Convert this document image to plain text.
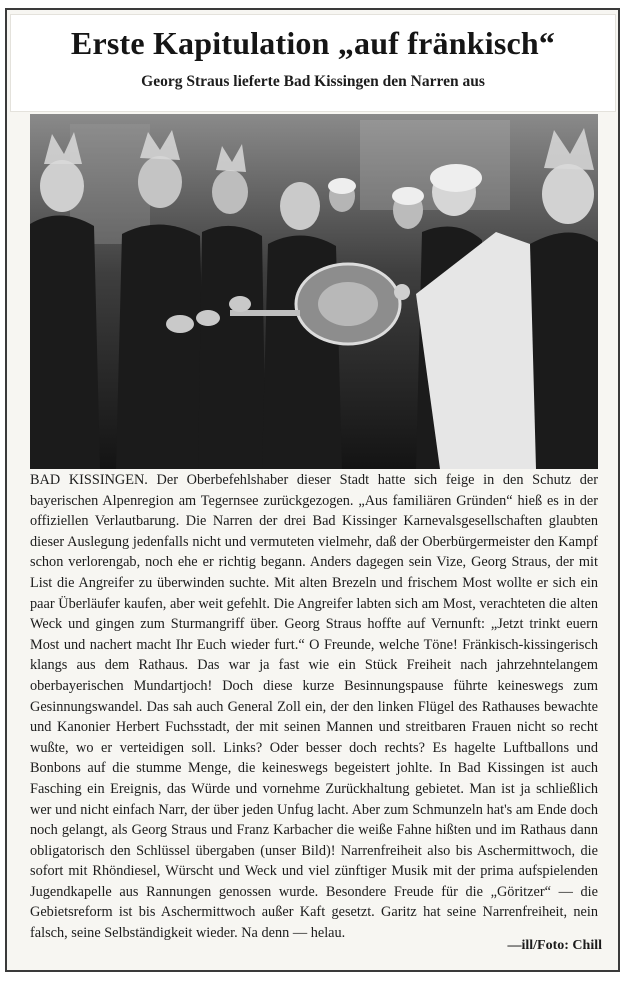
Erste Kapitulation „auf fränkisch“
Georg Straus lieferte Bad Kissingen den Narren aus
BAD KISSINGEN. Der Oberbefehlshaber dieser Stadt hatte sich feige in den Schutz der bayerischen Alpenregion am Tegernsee zurückgezogen. „Aus familiären Gründen“ hieß es in der offiziellen Verlautbarung. Die Narren der drei Bad Kissinger Karnevalsgesellschaften glaubten dieser Auslegung jedenfalls nicht und vermuteten vielmehr, daß der Oberbürgermeister den Kampf schon verlorengab, noch ehe er richtig begann. Anders dagegen sein Vize, Georg Straus, der mit List die Angreifer zu überwinden suchte. Mit alten Brezeln und frischem Most wollte er sich ein paar Überläufer kaufen, aber weit gefehlt. Die Angreifer labten sich am Most, verachteten die alten Weck und gingen zum Sturmangriff über. Georg Straus hoffte auf Vernunft: „Jetzt trinkt euern Most und nachert macht Ihr Euch wieder furt.“ O Freunde, welche Töne! Fränkisch-kissingerisch klangs aus dem Rathaus. Das war ja fast wie ein Stück Freiheit nach jahrzehntelangem oberbayerischen Mundartjoch! Doch diese kurze Besinnungspause führte keineswegs zum Gesinnungswandel. Das sah auch General Zoll ein, der den linken Flügel des Rathauses bewachte und Kanonier Herbert Fuchsstadt, der mit seinen Mannen und streitbaren Frauen nicht so recht wußte, wo er verteidigen soll. Links? Oder besser doch rechts? Es hagelte Luftballons und Bonbons auf die stumme Menge, die keineswegs begeistert johlte. In Bad Kissingen ist auch Fasching ein Ereignis, das Würde und vornehme Zurückhaltung gebietet. Man ist ja schließlich wer und nicht einfach Narr, der über jeden Unfug lacht. Aber zum Schmunzeln hat's am Ende doch noch gelangt, als Georg Straus und Franz Karbacher die weiße Fahne hißten und im Rathaus dann obligatorisch den Schlüssel übergaben (unser Bild)! Narrenfreiheit also bis Aschermittwoch, die sofort mit Rhöndiesel, Würscht und Weck und viel zünftiger Musik mit der prima aufspielenden Jugendkapelle aus Rannungen genossen wurde. Besondere Freude für die „Göritzer“ — die Gebietsreform ist bis Aschermittwoch außer Kaft gesetzt. Garitz hat seine Narrenfreiheit, nein falsch, seine Selbständigkeit wieder. Na denn — helau.
—ill/Foto: Chill
